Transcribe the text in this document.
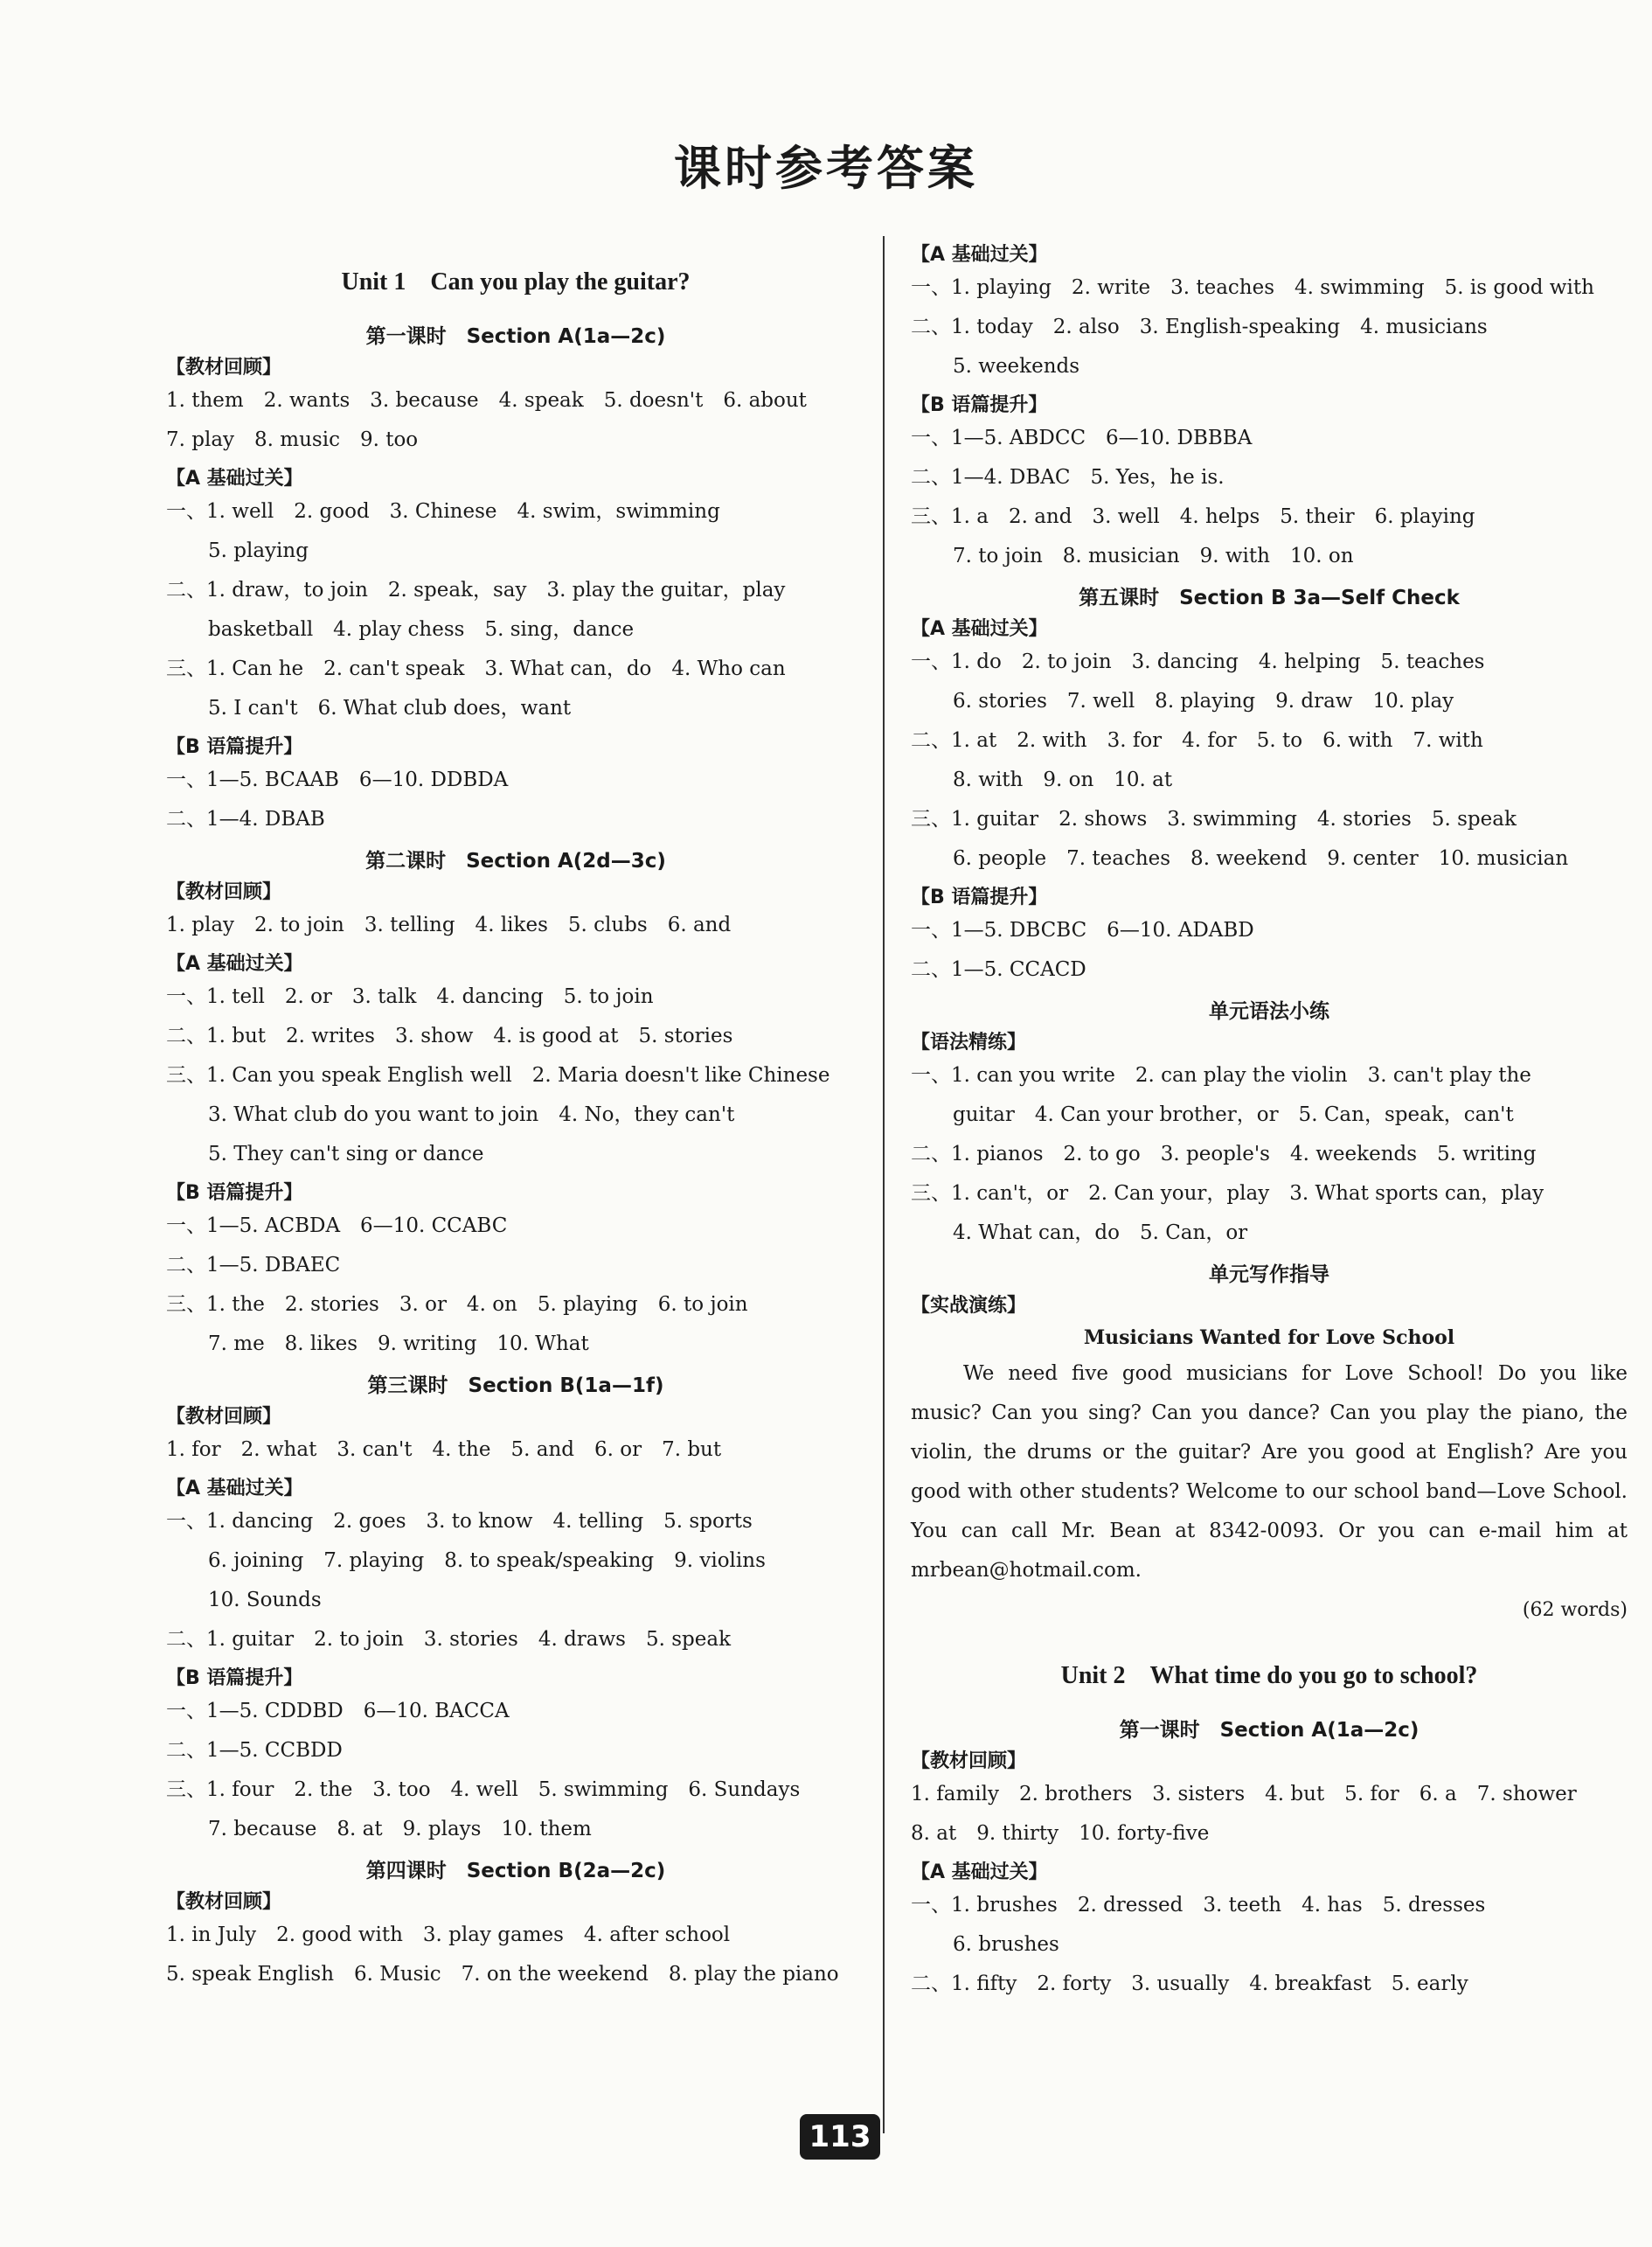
课时参考答案
Unit 1　Can you play the guitar?
第一课时　Section A(1a—2c)
【教材回顾】
1. them　2. wants　3. because　4. speak　5. doesn't　6. about
7. play　8. music　9. too
【A 基础过关】
一、1. well　2. good　3. Chinese　4. swim，swimming
5. playing
二、1. draw，to join　2. speak，say　3. play the guitar，play
basketball　4. play chess　5. sing，dance
三、1. Can he　2. can't speak　3. What can，do　4. Who can
5. I can't　6. What club does，want
【B 语篇提升】
一、1—5. BCAAB　6—10. DDBDA
二、1—4. DBAB
第二课时　Section A(2d—3c)
【教材回顾】
1. play　2. to join　3. telling　4. likes　5. clubs　6. and
【A 基础过关】
一、1. tell　2. or　3. talk　4. dancing　5. to join
二、1. but　2. writes　3. show　4. is good at　5. stories
三、1. Can you speak English well　2. Maria doesn't like Chinese
3. What club do you want to join　4. No，they can't
5. They can't sing or dance
【B 语篇提升】
一、1—5. ACBDA　6—10. CCABC
二、1—5. DBAEC
三、1. the　2. stories　3. or　4. on　5. playing　6. to join
7. me　8. likes　9. writing　10. What
第三课时　Section B(1a—1f)
【教材回顾】
1. for　2. what　3. can't　4. the　5. and　6. or　7. but
【A 基础过关】
一、1. dancing　2. goes　3. to know　4. telling　5. sports
6. joining　7. playing　8. to speak/speaking　9. violins
10. Sounds
二、1. guitar　2. to join　3. stories　4. draws　5. speak
【B 语篇提升】
一、1—5. CDDBD　6—10. BACCA
二、1—5. CCBDD
三、1. four　2. the　3. too　4. well　5. swimming　6. Sundays
7. because　8. at　9. plays　10. them
第四课时　Section B(2a—2c)
【教材回顾】
1. in July　2. good with　3. play games　4. after school
5. speak English　6. Music　7. on the weekend　8. play the piano
【A 基础过关】
一、1. playing　2. write　3. teaches　4. swimming　5. is good with
二、1. today　2. also　3. English-speaking　4. musicians
5. weekends
【B 语篇提升】
一、1—5. ABDCC　6—10. DBBBA
二、1—4. DBAC　5. Yes，he is.
三、1. a　2. and　3. well　4. helps　5. their　6. playing
7. to join　8. musician　9. with　10. on
第五课时　Section B 3a—Self Check
【A 基础过关】
一、1. do　2. to join　3. dancing　4. helping　5. teaches
6. stories　7. well　8. playing　9. draw　10. play
二、1. at　2. with　3. for　4. for　5. to　6. with　7. with
8. with　9. on　10. at
三、1. guitar　2. shows　3. swimming　4. stories　5. speak
6. people　7. teaches　8. weekend　9. center　10. musician
【B 语篇提升】
一、1—5. DBCBC　6—10. ADABD
二、1—5. CCACD
单元语法小练
【语法精练】
一、1. can you write　2. can play the violin　3. can't play the
guitar　4. Can your brother，or　5. Can，speak，can't
二、1. pianos　2. to go　3. people's　4. weekends　5. writing
三、1. can't，or　2. Can your，play　3. What sports can，play
4. What can，do　5. Can，or
单元写作指导
【实战演练】
Musicians Wanted for Love School
We need five good musicians for Love School! Do you like music? Can you sing? Can you dance? Can you play the piano, the violin, the drums or the guitar? Are you good at English? Are you good with other students? Welcome to our school band—Love School. You can call Mr. Bean at 8342-0093. Or you can e-mail him at mrbean@hotmail.com.
(62 words)
Unit 2　What time do you go to school?
第一课时　Section A(1a—2c)
【教材回顾】
1. family　2. brothers　3. sisters　4. but　5. for　6. a　7. shower
8. at　9. thirty　10. forty-five
【A 基础过关】
一、1. brushes　2. dressed　3. teeth　4. has　5. dresses
6. brushes
二、1. fifty　2. forty　3. usually　4. breakfast　5. early
113
